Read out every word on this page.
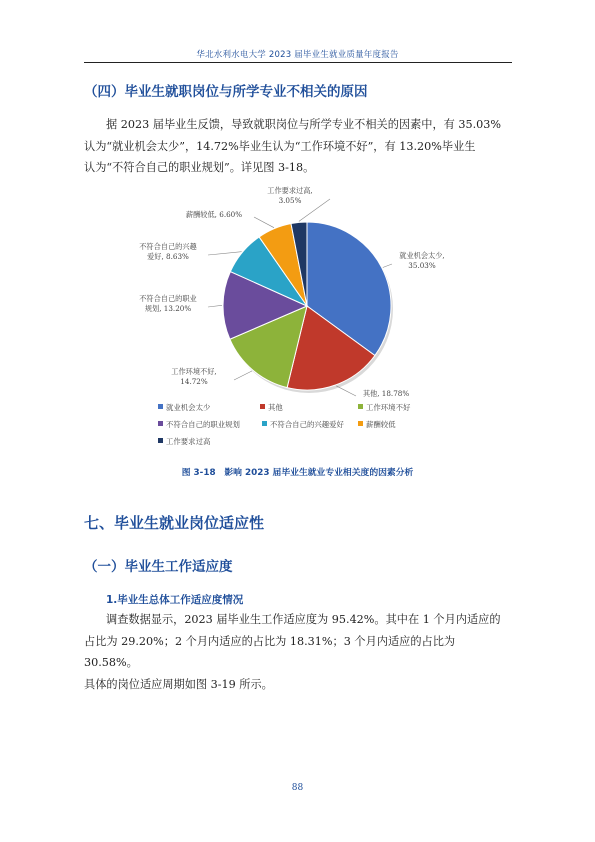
华北水利水电大学 2023 届毕业生就业质量年度报告
（四）毕业生就职岗位与所学专业不相关的原因

据 2023 届毕业生反馈，导致就职岗位与所学专业不相关的因素中，有 35.03%

认为“就业机会太少”，14.72%毕业生认为“工作环境不好”，有 13.20%毕业生

认为“不符合自己的职业规划”。详见图 3-18。

就业机会太少, 35.03%
其他, 18.78%
工作环境不好, 14.72%
不符合自己的职业规划, 13.20%
不符合自己的兴趣爱好, 8.63%
薪酬较低, 6.60%
工作要求过高, 3.05%
就业机会太少	其他	工作环境不好
不符合自己的职业规划	不符合自己的兴趣爱好	薪酬较低
工作要求过高
图 3-18　影响 2023 届毕业生就业专业相关度的因素分析
七、毕业生就业岗位适应性
（一）毕业生工作适应度
1.毕业生总体工作适应度情况

调查数据显示，2023 届毕业生工作适应度为 95.42%。其中在 1 个月内适应的

占比为 29.20%；2 个月内适应的占比为 18.31%；3 个月内适应的占比为 30.58%。

具体的岗位适应周期如图 3-19 所示。

88
